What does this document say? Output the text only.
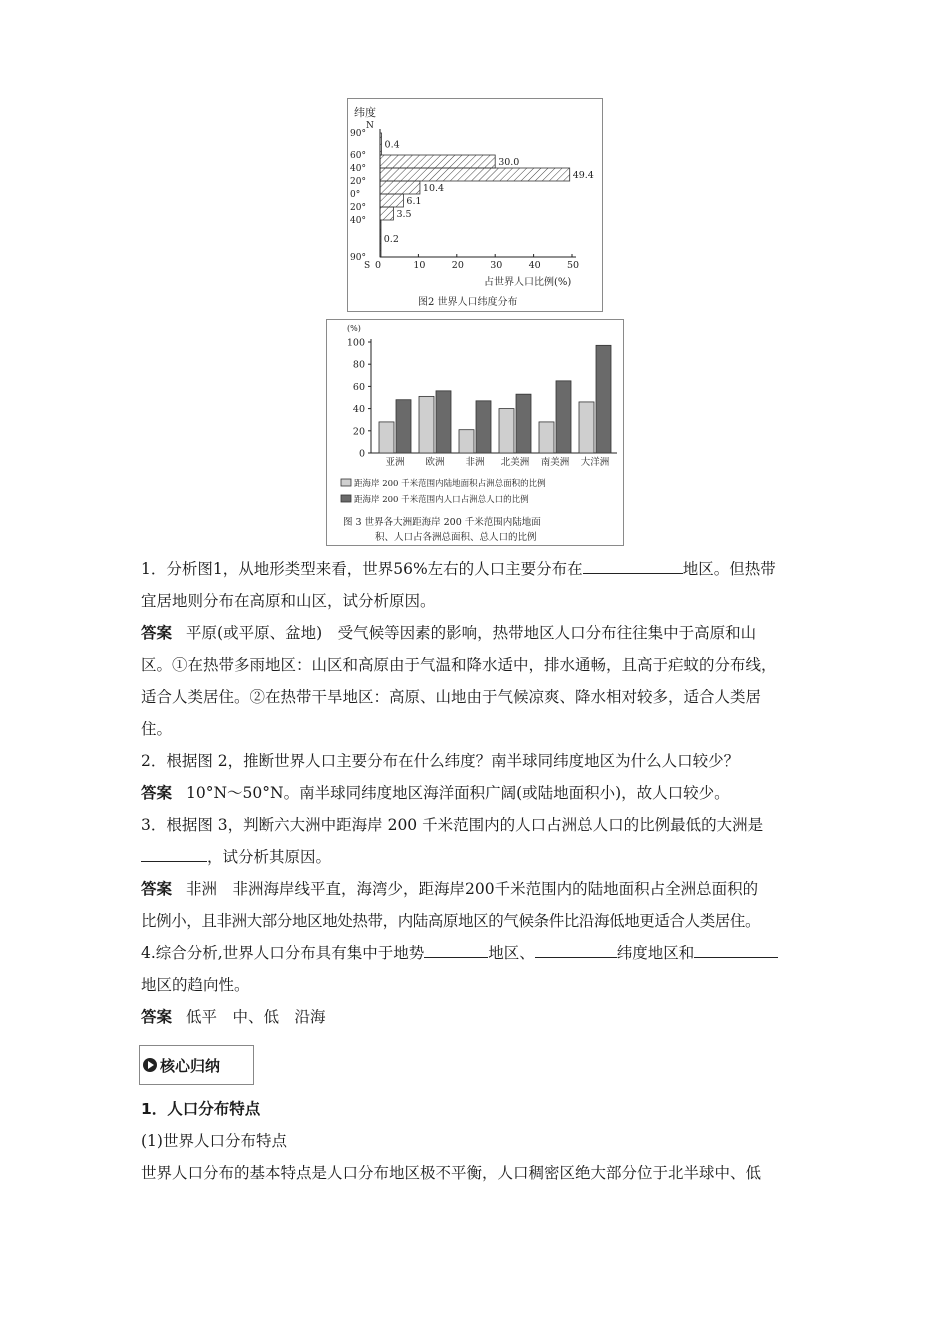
90°
60°
40°
20°
0°
20°
40°
90°
0.4
30.0
49.4
10.4
6.1
3.5
0.2
0	10	20	30	40	50
纬度
N
S
占世界人口比例(%)
图2 世界人口纬度分布
0
20
40
60
80
100
亚洲 欧洲 非洲 北美洲 南美洲 大洋洲
(%)
距海岸 200 千米范围内陆地面积占洲总面积的比例
距海岸 200 千米范围内人口占洲总人口的比例
图 3 世界各大洲距海岸 200 千米范围内陆地面
积、人口占各洲总面积、总人口的比例

1．分析图1，从地形类型来看，世界56%左右的人口主要分布在	地区。但热带

宜居地则分布在高原和山区，试分析原因。

答案 平原(或平原、盆地)　受气候等因素的影响，热带地区人口分布往往集中于高原和山

区。①在热带多雨地区：山区和高原由于气温和降水适中，排水通畅，且高于疟蚊的分布线，

适合人类居住。②在热带干旱地区：高原、山地由于气候凉爽、降水相对较多，适合人类居

住。

2．根据图 2，推断世界人口主要分布在什么纬度？南半球同纬度地区为什么人口较少？

答案 10°N～50°N。南半球同纬度地区海洋面积广阔(或陆地面积小)，故人口较少。

3．根据图 3，判断六大洲中距海岸 200 千米范围内的人口占洲总人口的比例最低的大洲是

，试分析其原因。

答案 非洲　非洲海岸线平直，海湾少，距海岸200千米范围内的陆地面积占全洲总面积的

比例小，且非洲大部分地区地处热带，内陆高原地区的气候条件比沿海低地更适合人类居住。

4.综合分析,世界人口分布具有集中于地势	地区、	纬度地区和

地区的趋向性。

答案 低平　中、低　沿海

核心归纳

1．人口分布特点

(1)世界人口分布特点

世界人口分布的基本特点是人口分布地区极不平衡，人口稠密区绝大部分位于北半球中、低
